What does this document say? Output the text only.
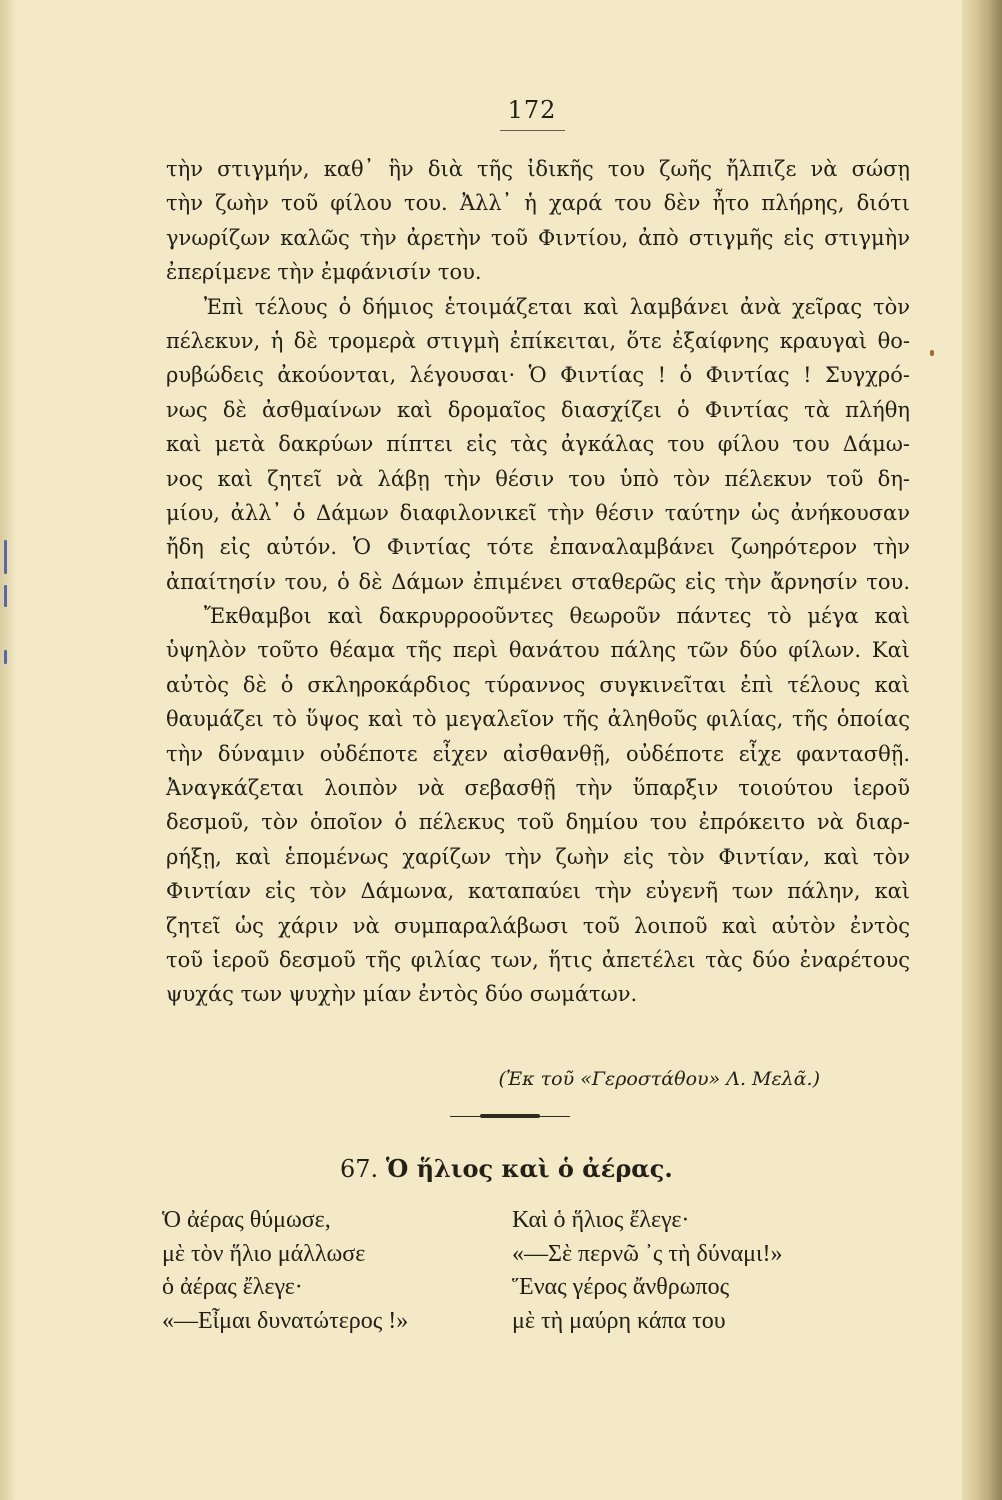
172
τὴν στιγμήν, καθ᾽ ἣν διὰ τῆς ἰδικῆς του ζωῆς ἤλπιζε νὰ σώσῃ
τὴν ζωὴν τοῦ φίλου του. Ἀλλ᾽ ἡ χαρά του δὲν ἦτο πλήρης, διότι
γνωρίζων καλῶς τὴν ἀρετὴν τοῦ Φιντίου, ἀπὸ στιγμῆς εἰς στιγμὴν
ἐπερίμενε τὴν ἐμφάνισίν του.
Ἐπὶ τέλους ὁ δήμιος ἑτοιμάζεται καὶ λαμβάνει ἀνὰ χεῖρας τὸν
πέλεκυν, ἡ δὲ τρομερὰ στιγμὴ ἐπίκειται, ὅτε ἐξαίφνης κραυγαὶ θο-
ρυβώδεις ἀκούονται, λέγουσαι· Ὁ Φιντίας ! ὁ Φιντίας ! Συγχρό-
νως δὲ ἀσθμαίνων καὶ δρομαῖος διασχίζει ὁ Φιντίας τὰ πλήθη
καὶ μετὰ δακρύων πίπτει εἰς τὰς ἀγκάλας του φίλου του Δάμω-
νος καὶ ζητεῖ νὰ λάβῃ τὴν θέσιν του ὑπὸ τὸν πέλεκυν τοῦ δη-
μίου, ἀλλ᾽ ὁ Δάμων διαφιλονικεῖ τὴν θέσιν ταύτην ὡς ἀνήκουσαν
ἤδη εἰς αὐτόν. Ὁ Φιντίας τότε ἐπαναλαμβάνει ζωηρότερον τὴν
ἀπαίτησίν του, ὁ δὲ Δάμων ἐπιμένει σταθερῶς εἰς τὴν ἄρνησίν του.
Ἔκθαμβοι καὶ δακρυρροοῦντες θεωροῦν πάντες τὸ μέγα καὶ
ὑψηλὸν τοῦτο θέαμα τῆς περὶ θανάτου πάλης τῶν δύο φίλων. Καὶ
αὐτὸς δὲ ὁ σκληροκάρδιος τύραννος συγκινεῖται ἐπὶ τέλους καὶ
θαυμάζει τὸ ὕψος καὶ τὸ μεγαλεῖον τῆς ἀληθοῦς φιλίας, τῆς ὁποίας
τὴν δύναμιν οὐδέποτε εἶχεν αἰσθανθῇ, οὐδέποτε εἶχε φαντασθῇ.
Ἀναγκάζεται λοιπὸν νὰ σεβασθῇ τὴν ὕπαρξιν τοιούτου ἱεροῦ
δεσμοῦ, τὸν ὁποῖον ὁ πέλεκυς τοῦ δημίου του ἐπρόκειτο νὰ διαρ-
ρήξῃ, καὶ ἑπομένως χαρίζων τὴν ζωὴν εἰς τὸν Φιντίαν, καὶ τὸν
Φιντίαν εἰς τὸν Δάμωνα, καταπαύει τὴν εὐγενῆ των πάλην, καὶ
ζητεῖ ὡς χάριν νὰ συμπαραλάβωσι τοῦ λοιποῦ καὶ αὐτὸν ἐντὸς
τοῦ ἱεροῦ δεσμοῦ τῆς φιλίας των, ἥτις ἀπετέλει τὰς δύο ἐναρέτους
ψυχάς των ψυχὴν μίαν ἐντὸς δύο σωμάτων.
(Ἐκ τοῦ «Γεροστάθου» Λ. Μελᾶ.)
67. Ὁ ἥλιος καὶ ὁ ἀέρας.
Ὁ ἀέρας θύμωσε,
μὲ τὸν ἥλιο μάλλωσε
ὁ ἀέρας ἔλεγε·
«—Εἶμαι δυνατώτερος !»
Καὶ ὁ ἥλιος ἔλεγε·
«—Σὲ περνῶ ᾽ς τὴ δύναμι!»
Ἕνας γέρος ἄνθρωπος
μὲ τὴ μαύρη κάπα του
